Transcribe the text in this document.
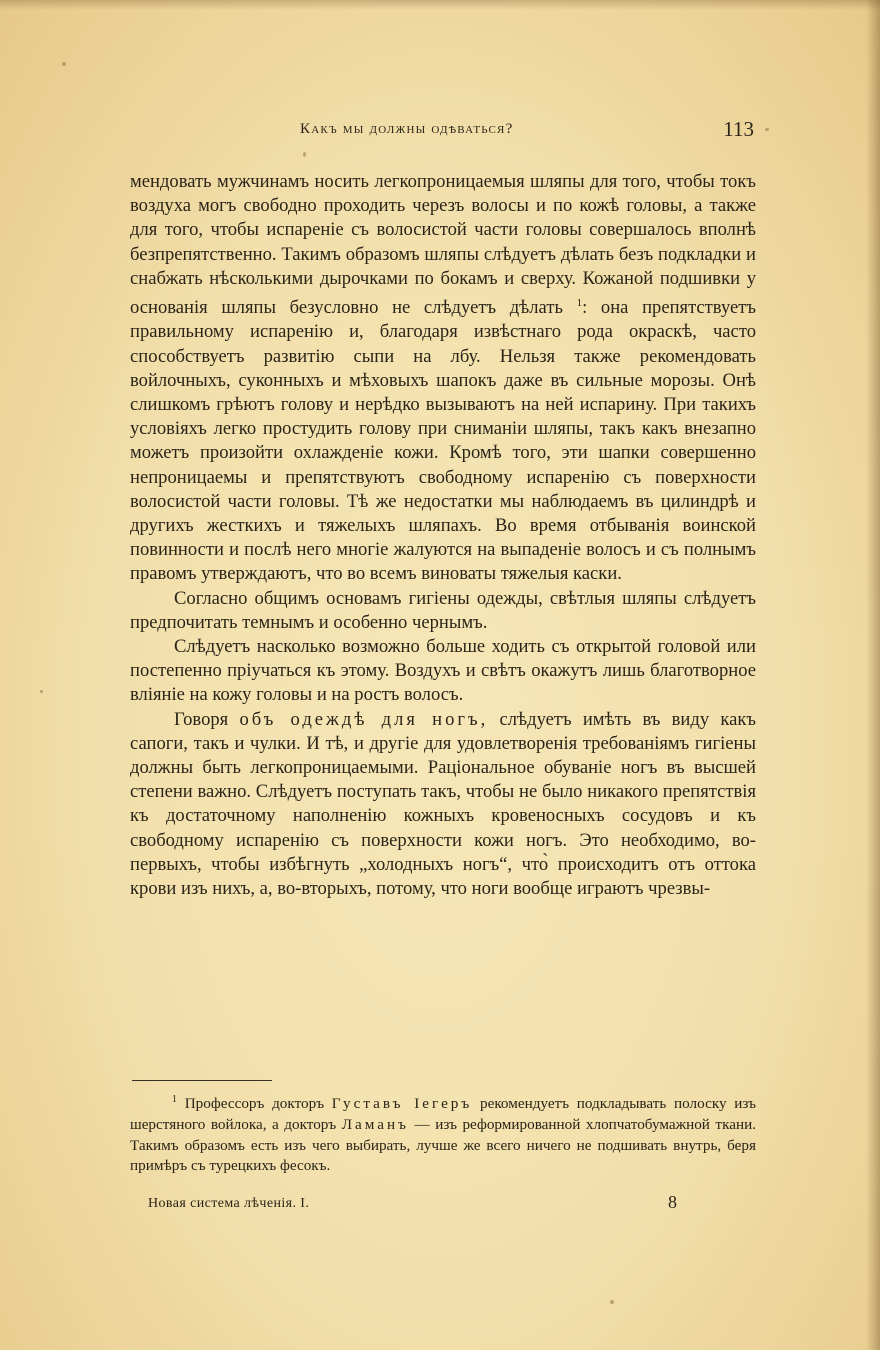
Какъ мы должны одѣваться?	113

мендовать мужчинамъ носить легкопроницаемыя шляпы для того, чтобы токъ воздуха могъ свободно проходить черезъ волосы и по кожѣ головы, а также для того, чтобы испареніе съ волосистой части головы совершалось вполнѣ безпрепятственно. Такимъ образомъ шляпы слѣдуетъ дѣлать безъ подкладки и снабжать нѣсколькими дырочками по бокамъ и сверху. Кожаной подшивки у основанія шляпы безусловно не слѣдуетъ дѣлать $^1$: она препятствуетъ правильному испаренію и, благодаря извѣстнаго рода окраскѣ, часто способствуетъ развитію сыпи на лбу. Нельзя также рекомендовать войлочныхъ, суконныхъ и мѣховыхъ шапокъ даже въ сильные морозы. Онѣ слишкомъ грѣютъ голову и нерѣдко вызываютъ на ней испарину. При такихъ условіяхъ легко простудить голову при сниманіи шляпы, такъ какъ внезапно можетъ произойти охлажденіе кожи. Кромѣ того, эти шапки совершенно непроницаемы и препятствуютъ свободному испаренію съ поверхности волосистой части головы. Тѣ же недостатки мы наблюдаемъ въ цилиндрѣ и другихъ жесткихъ и тяжелыхъ шляпахъ. Во время отбыванія воинской повинности и послѣ него многіе жалуются на выпаденіе волосъ и съ полнымъ правомъ утверждаютъ, что во всемъ виноваты тяжелыя каски.

Согласно общимъ основамъ гигіены одежды, свѣтлыя шляпы слѣдуетъ предпочитать темнымъ и особенно чернымъ.

Слѣдуетъ насколько возможно больше ходить съ открытой головой или постепенно пріучаться къ этому. Воздухъ и свѣтъ окажутъ лишь благотворное вліяніе на кожу головы и на ростъ волосъ.

Говоря объ одеждѣ для ногъ, слѣдуетъ имѣть въ виду какъ сапоги, такъ и чулки. И тѣ, и другіе для удовлетворенія требованіямъ гигіены должны быть легкопроницаемыми. Раціональное обуваніе ногъ въ высшей степени важно. Слѣдуетъ поступать такъ, чтобы не было никакого препятствія къ достаточному наполненію кожныхъ кровеносныхъ сосудовъ и къ свободному испаренію съ поверхности кожи ногъ. Это необходимо, во-первыхъ, чтобы избѣгнуть „холодныхъ ногъ“, что̀ происходитъ отъ оттока крови изъ нихъ, а, во-вторыхъ, потому, что ноги вообще играютъ чрезвы-

$^1$ Профессоръ докторъ Густавъ Іегеръ рекомендуетъ подкладывать полоску изъ шерстяного войлока, а докторъ Ламанъ — изъ реформированной хлопчатобумажной ткани. Такимъ образомъ есть изъ чего выбирать, лучше же всего ничего не подшивать внутрь, беря примѣръ съ турецкихъ фесокъ.

Новая система лѣченія. I.	8
